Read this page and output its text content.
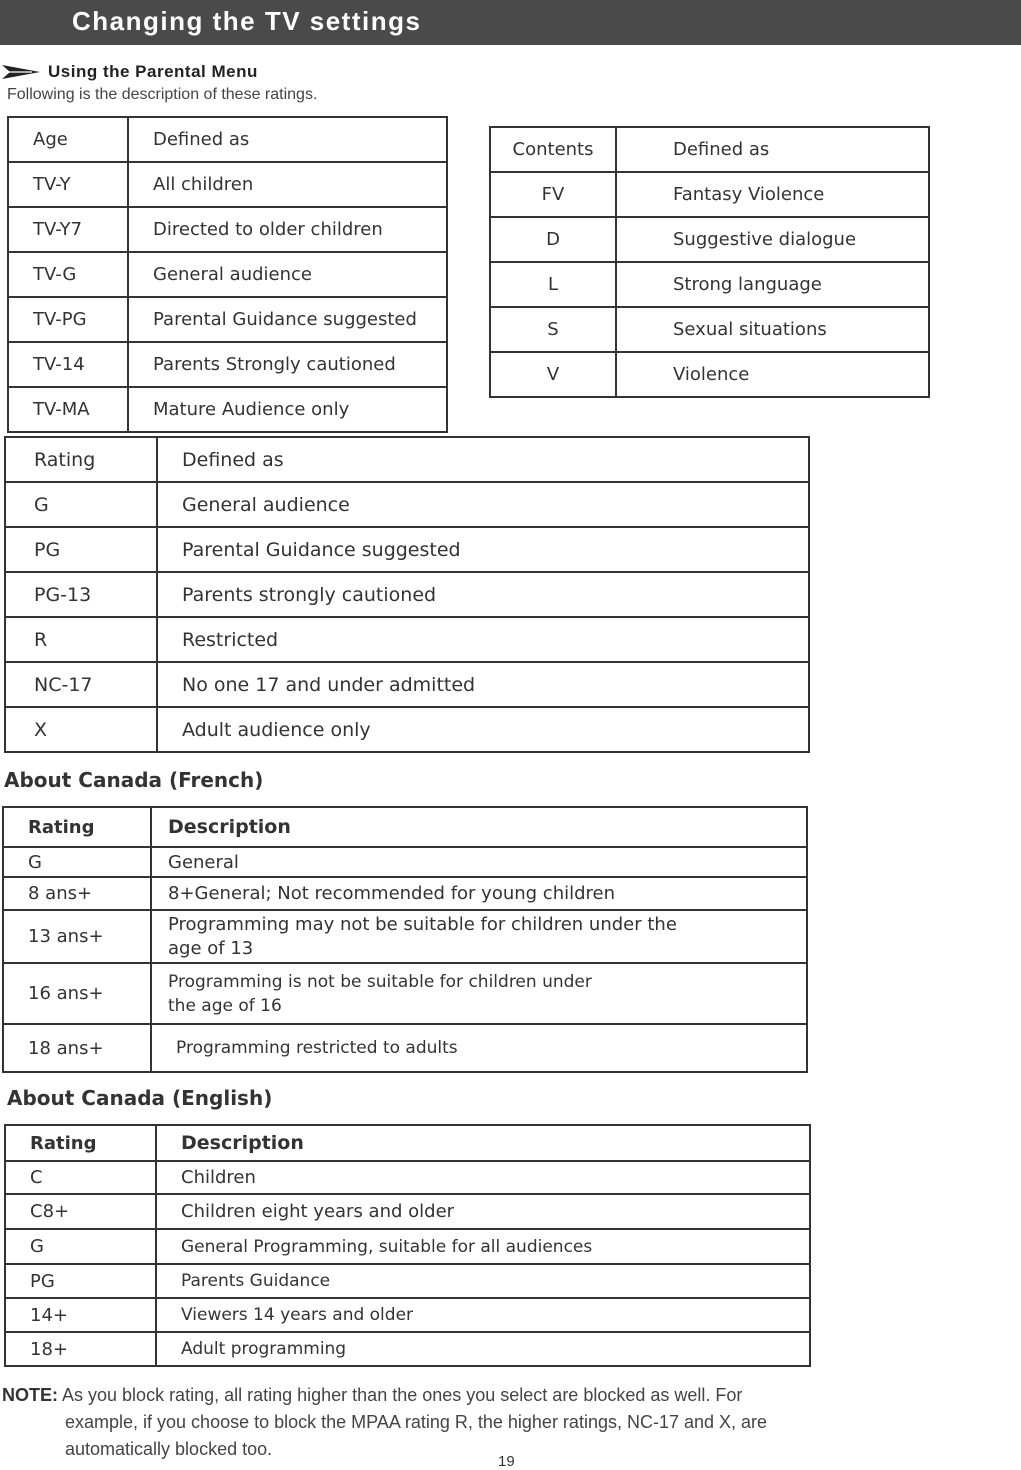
Changing the TV settings
Using the Parental Menu
Following is the description of these ratings.
Age	Defined as
TV-Y	All children
TV-Y7	Directed to older children
TV-G	General audience
TV-PG	Parental Guidance suggested
TV-14	Parents Strongly cautioned
TV-MA	Mature Audience only
Contents	Defined as
FV	Fantasy Violence
D	Suggestive dialogue
L	Strong language
S	Sexual situations
V	Violence
Rating	Defined as
G	General audience
PG	Parental Guidance suggested
PG-13	Parents strongly cautioned
R	Restricted
NC-17	No one 17 and under admitted
X	Adult audience only
About Canada (French)
Rating	Description
G	General
8 ans+	8+General; Not recommended for young children
13 ans+	Programming may not be suitable for children under the age of 13
16 ans+	Programming is not be suitable for children under the age of 16
18 ans+	Programming restricted to adults
About Canada (English)
Rating	Description
C	Children
C8+	Children eight years and older
G	General Programming, suitable for all audiences
PG	Parents Guidance
14+	Viewers 14 years and older
18+	Adult programming
NOTE: As you block rating, all rating higher than the ones you select are blocked as well. For
example, if you choose to block the MPAA rating R, the higher ratings, NC-17 and X, are
automatically blocked too.
19
